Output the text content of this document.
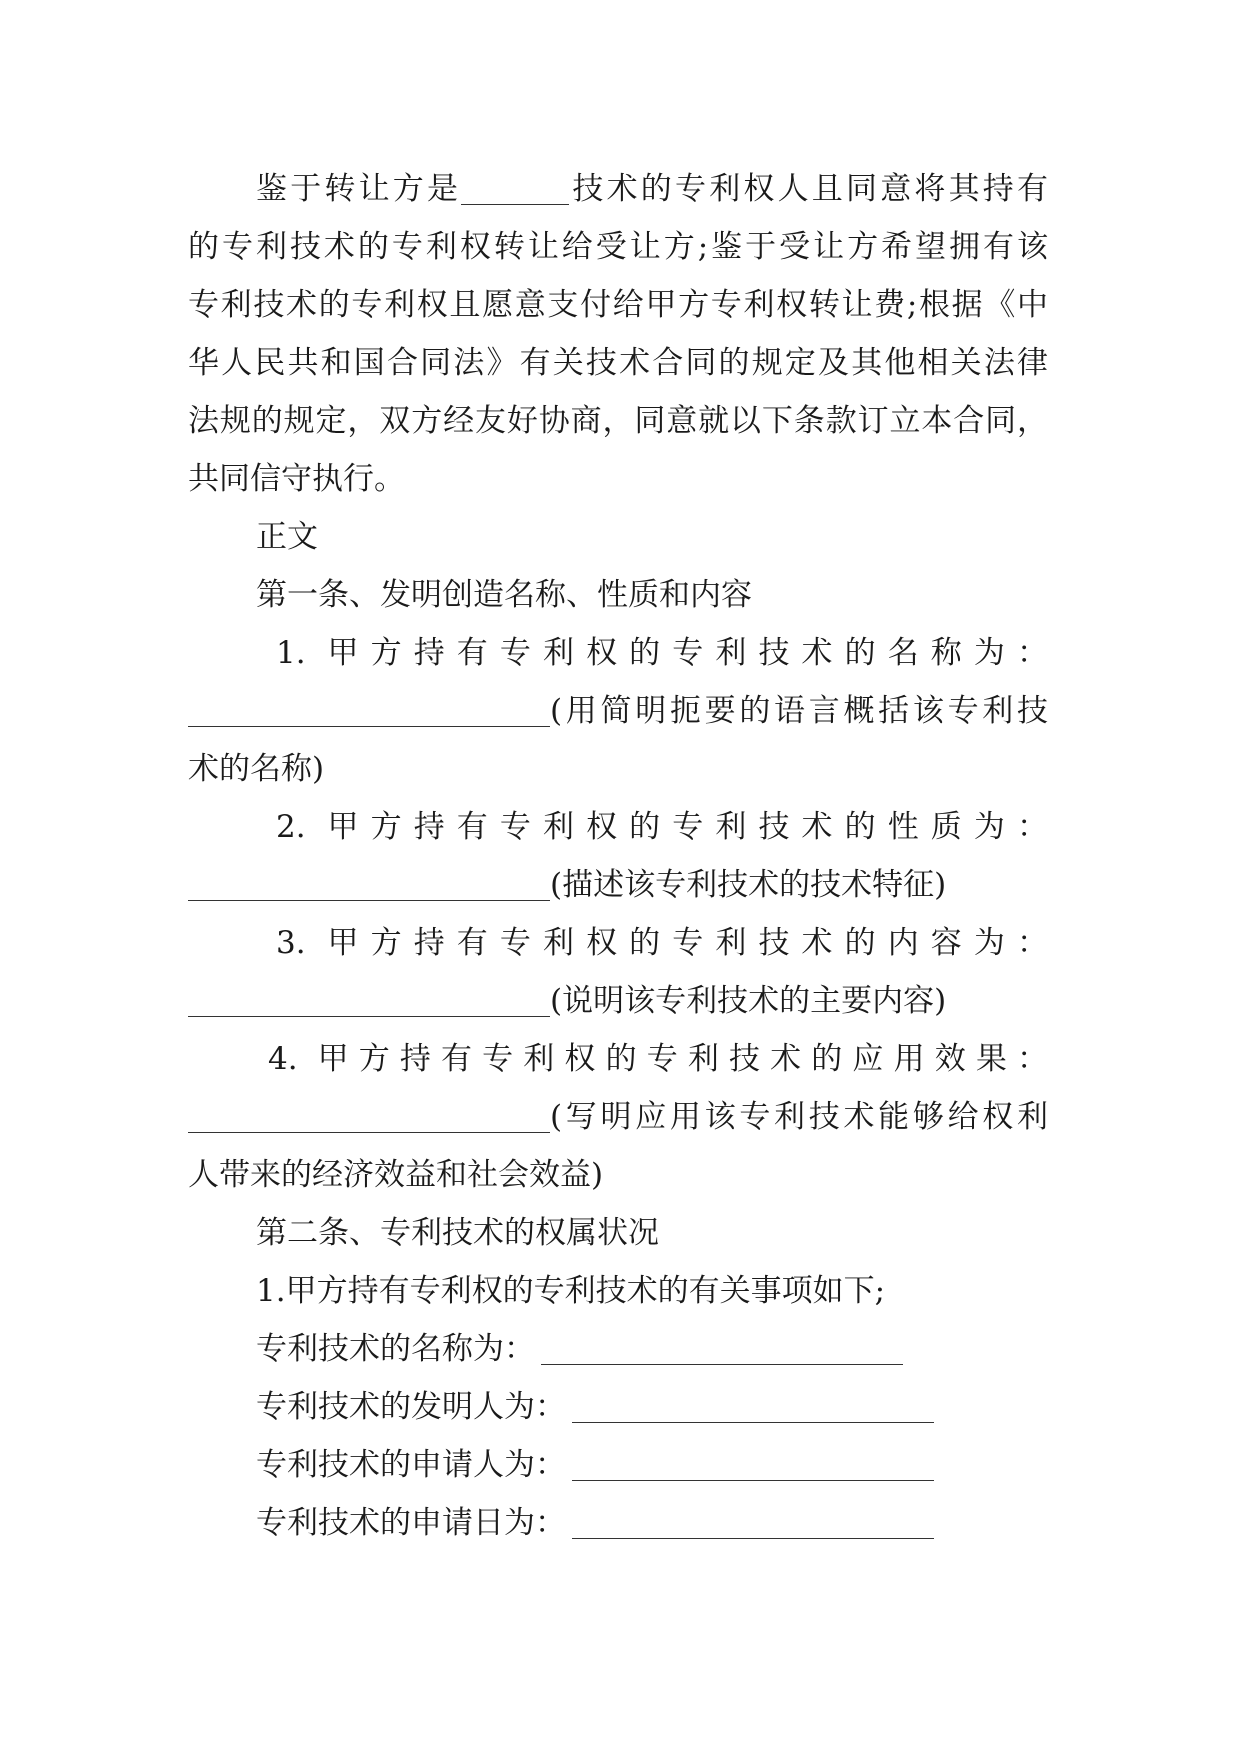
鉴于转让方是	技术的专利权人且同意将其持有
的专利技术的专利权转让给受让方;鉴于受让方希望拥有该
专利技术的专利权且愿意支付给甲方专利权转让费;根据《中
华人民共和国合同法》有关技术合同的规定及其他相关法律
法规的规定，双方经友好协商，同意就以下条款订立本合同，
共同信守执行。
正文
第一条、发明创造名称、性质和内容
1. 甲方持有专利权的专利技术的名称为：
(用简明扼要的语言概括该专利技
术的名称)
2. 甲方持有专利权的专利技术的性质为：
(描述该专利技术的技术特征)
3. 甲方持有专利权的专利技术的内容为：
(说明该专利技术的主要内容)
4. 甲方持有专利权的专利技术的应用效果：
(写明应用该专利技术能够给权利
人带来的经济效益和社会效益)
第二条、专利技术的权属状况
1.甲方持有专利权的专利技术的有关事项如下;
专利技术的名称为：
专利技术的发明人为：
专利技术的申请人为：
专利技术的申请日为：
